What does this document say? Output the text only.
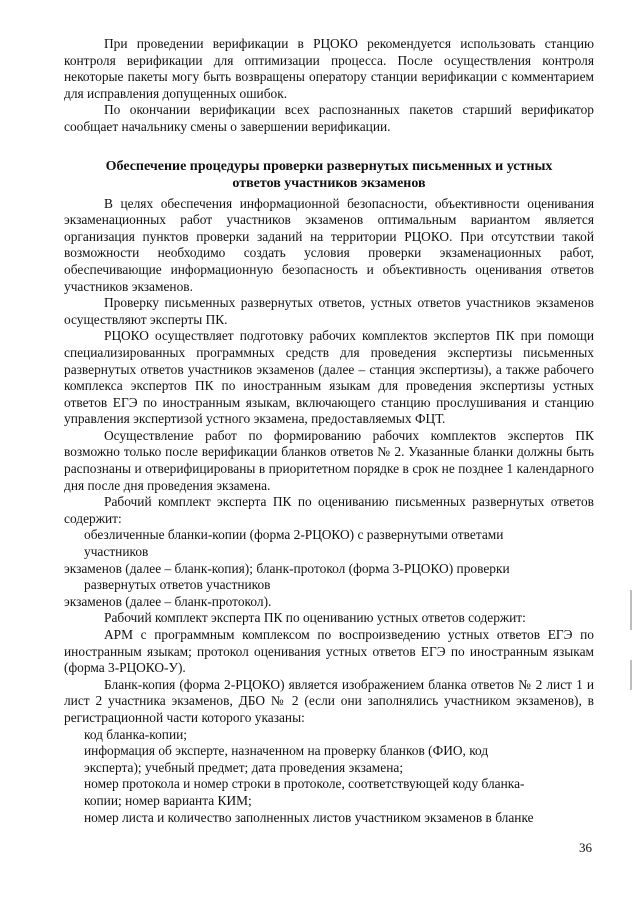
При проведении верификации в РЦОКО рекомендуется использовать станцию контроля верификации для оптимизации процесса. После осуществления контроля некоторые пакеты могу быть возвращены оператору станции верификации с комментарием для исправления допущенных ошибок.

По окончании верификации всех распознанных пакетов старший верификатор сообщает начальнику смены о завершении верификации.

Обеспечение процедуры проверки развернутых письменных и устных
ответов участников экзаменов

В целях обеспечения информационной безопасности, объективности оценивания экзаменационных работ участников экзаменов оптимальным вариантом является организация пунктов проверки заданий на территории РЦОКО. При отсутствии такой возможности необходимо создать условия проверки экзаменационных работ, обеспечивающие информационную безопасность и объективность оценивания ответов участников экзаменов.

Проверку письменных развернутых ответов, устных ответов участников экзаменов осуществляют эксперты ПК.

РЦОКО осуществляет подготовку рабочих комплектов экспертов ПК при помощи специализированных программных средств для проведения экспертизы письменных развернутых ответов участников экзаменов (далее – станция экспертизы), а также рабочего комплекса экспертов ПК по иностранным языкам для проведения экспертизы устных ответов ЕГЭ по иностранным языкам, включающего станцию прослушивания и станцию управления экспертизой устного экзамена, предоставляемых ФЦТ.

Осуществление работ по формированию рабочих комплектов экспертов ПК возможно только после верификации бланков ответов № 2. Указанные бланки должны быть распознаны и отверифицированы в приоритетном порядке в срок не позднее 1 календарного дня после дня проведения экзамена.

Рабочий комплект эксперта ПК по оцениванию письменных развернутых ответов содержит:

обезличенные бланки-копии (форма 2-РЦОКО) с развернутыми ответами
участников
экзаменов (далее – бланк-копия); бланк-протокол (форма 3-РЦОКО) проверки
развернутых ответов участников
экзаменов (далее – бланк-протокол).

Рабочий комплект эксперта ПК по оцениванию устных ответов содержит:

АРМ с программным комплексом по воспроизведению устных ответов ЕГЭ по иностранным языкам; протокол оценивания устных ответов ЕГЭ по иностранным языкам (форма 3-РЦОКО-У).

Бланк-копия (форма 2-РЦОКО) является изображением бланка ответов № 2 лист 1 и лист 2 участника экзаменов, ДБО № 2 (если они заполнялись участником экзаменов), в регистрационной части которого указаны:

код бланка-копии;

информация об эксперте, назначенном на проверку бланков (ФИО, код

эксперта); учебный предмет; дата проведения экзамена;

номер протокола и номер строки в протоколе, соответствующей коду бланка-

копии; номер варианта КИМ;

номер листа и количество заполненных листов участником экзаменов в бланке

36
